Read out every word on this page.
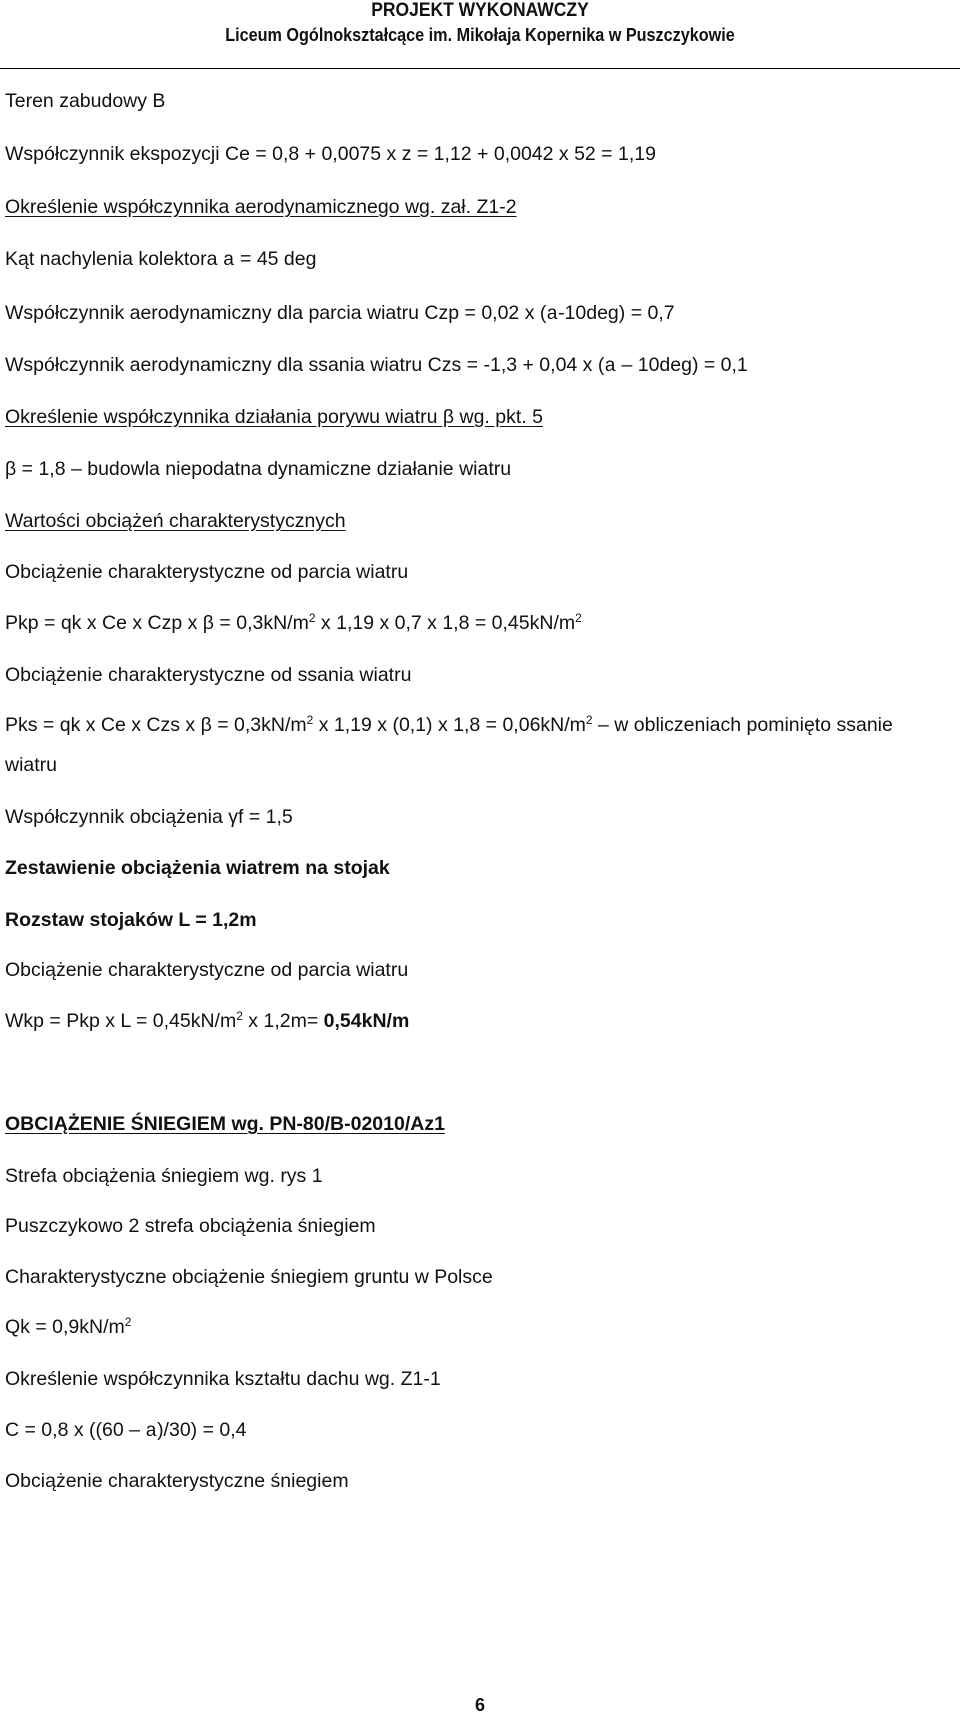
PROJEKT WYKONAWCZY
Liceum Ogólnokształcące im. Mikołaja Kopernika w Puszczykowie
Teren zabudowy B
Współczynnik ekspozycji Ce = 0,8 + 0,0075 x z = 1,12 + 0,0042 x 52 = 1,19
Określenie współczynnika aerodynamicznego wg. zał. Z1-2
Kąt nachylenia kolektora a = 45 deg
Współczynnik aerodynamiczny dla parcia wiatru Czp = 0,02 x (a-10deg) = 0,7
Współczynnik aerodynamiczny dla ssania wiatru Czs = -1,3 + 0,04 x (a – 10deg) = 0,1
Określenie współczynnika działania porywu wiatru β wg. pkt. 5
β = 1,8 – budowla niepodatna dynamiczne działanie wiatru
Wartości obciążeń charakterystycznych
Obciążenie charakterystyczne od parcia wiatru
Pkp = qk x Ce x Czp x $\beta = 0,3kN/m^2$ x 1,19 x 0,7 x $1,8 = 0,45kN/m^2$
Obciążenie charakterystyczne od ssania wiatru
Pks = qk x Ce x Czs x $\beta = 0,3kN/m^2$ x 1,19 x (0,1) x $1,8 = 0,06kN/m^2 - w$ obliczeniach pominięto ssanie
wiatru
Współczynnik obciążenia γf = 1,5
Zestawienie obciążenia wiatrem na stojak
Rozstaw stojaków L = 1,2m
Obciążenie charakterystyczne od parcia wiatru
Wkp = Pkp x $L = 0,45kN/m^2$ x 1,2m= 0,54kN/m
OBCIĄŻENIE ŚNIEGIEM wg. PN-80/B-02010/Az1
Strefa obciążenia śniegiem wg. rys 1
Puszczykowo 2 strefa obciążenia śniegiem
Charakterystyczne obciążenie śniegiem gruntu w Polsce
$Qk = 0,9kN/m^2$
Określenie współczynnika kształtu dachu wg. Z1-1
C = 0,8 x ((60 – a)/30) = 0,4
Obciążenie charakterystyczne śniegiem
6
